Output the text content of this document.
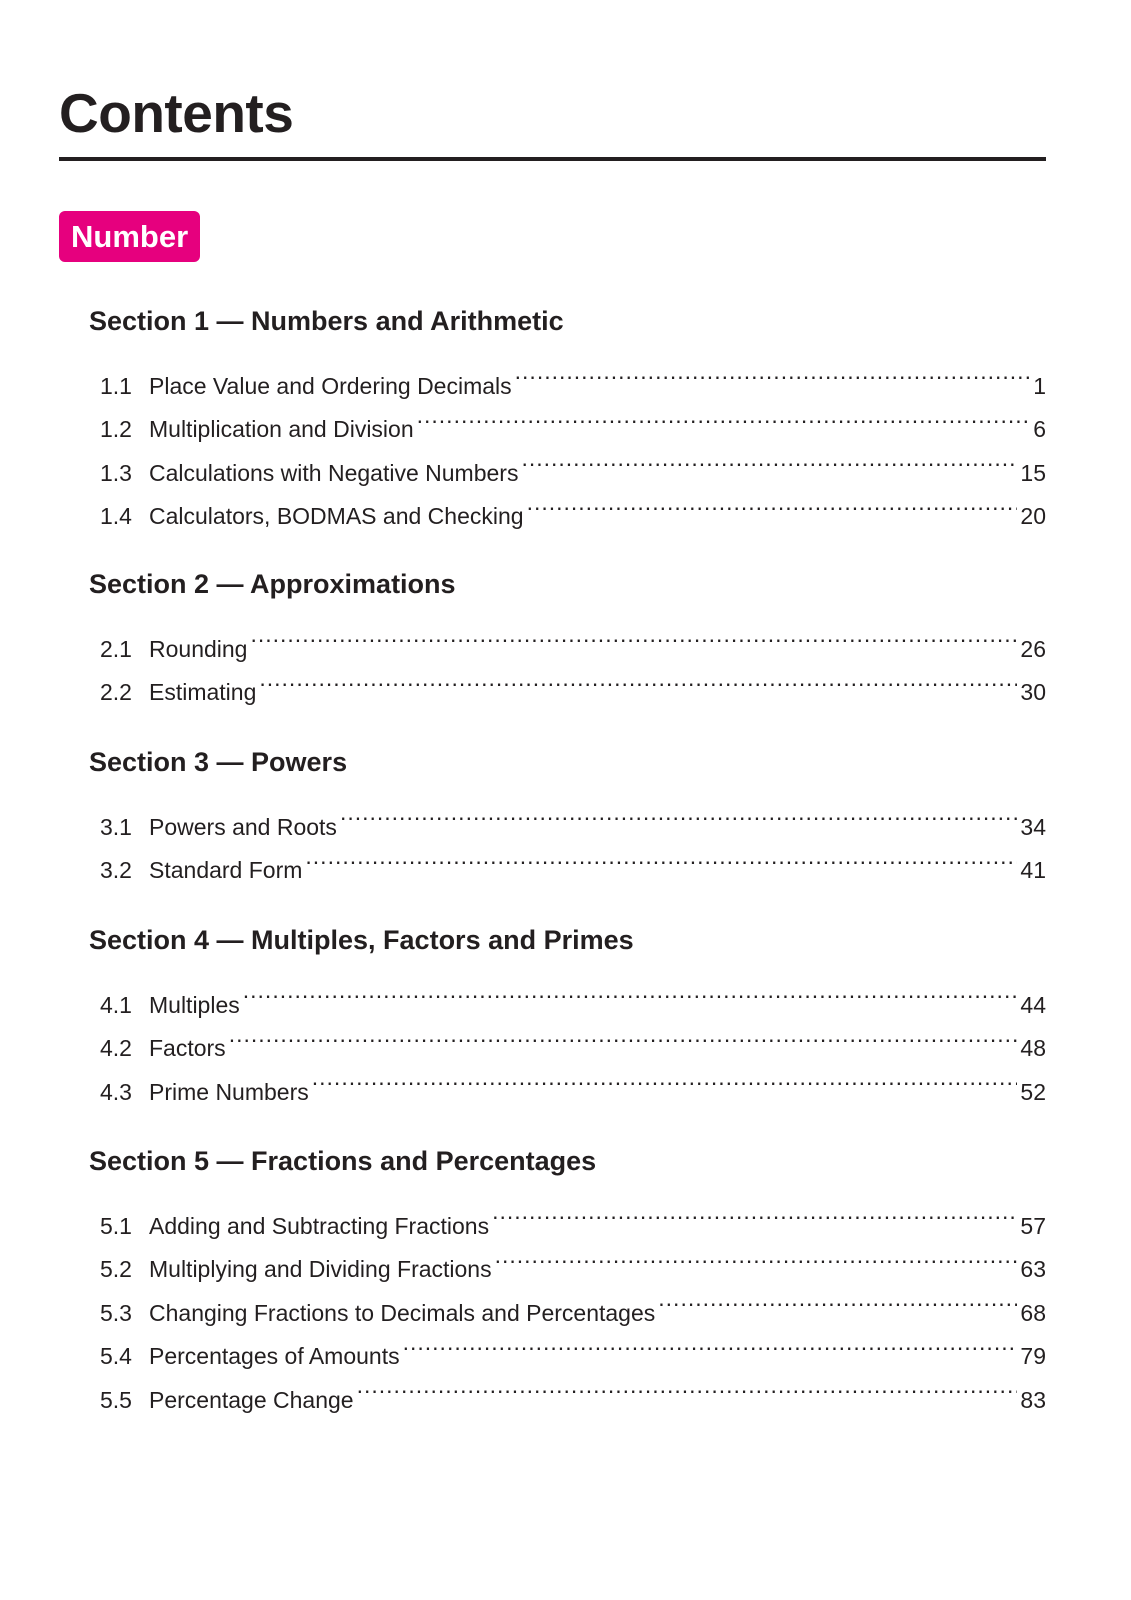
Contents
Number
Section 1 — Numbers and Arithmetic
1.1 Place Value and Ordering Decimals .....	1
1.2 Multiplication and Division .....	6
1.3 Calculations with Negative Numbers .....	15
1.4 Calculators, BODMAS and Checking .....	20
Section 2 — Approximations
2.1 Rounding .....	26
2.2 Estimating .....	30
Section 3 — Powers
3.1 Powers and Roots .....	34
3.2 Standard Form .....	41
Section 4 — Multiples, Factors and Primes
4.1 Multiples .....	44
4.2 Factors .....	48
4.3 Prime Numbers .....	52
Section 5 — Fractions and Percentages
5.1 Adding and Subtracting Fractions .....	57
5.2 Multiplying and Dividing Fractions .....	63
5.3 Changing Fractions to Decimals and Percentages .....	68
5.4 Percentages of Amounts .....	79
5.5 Percentage Change .....	83
